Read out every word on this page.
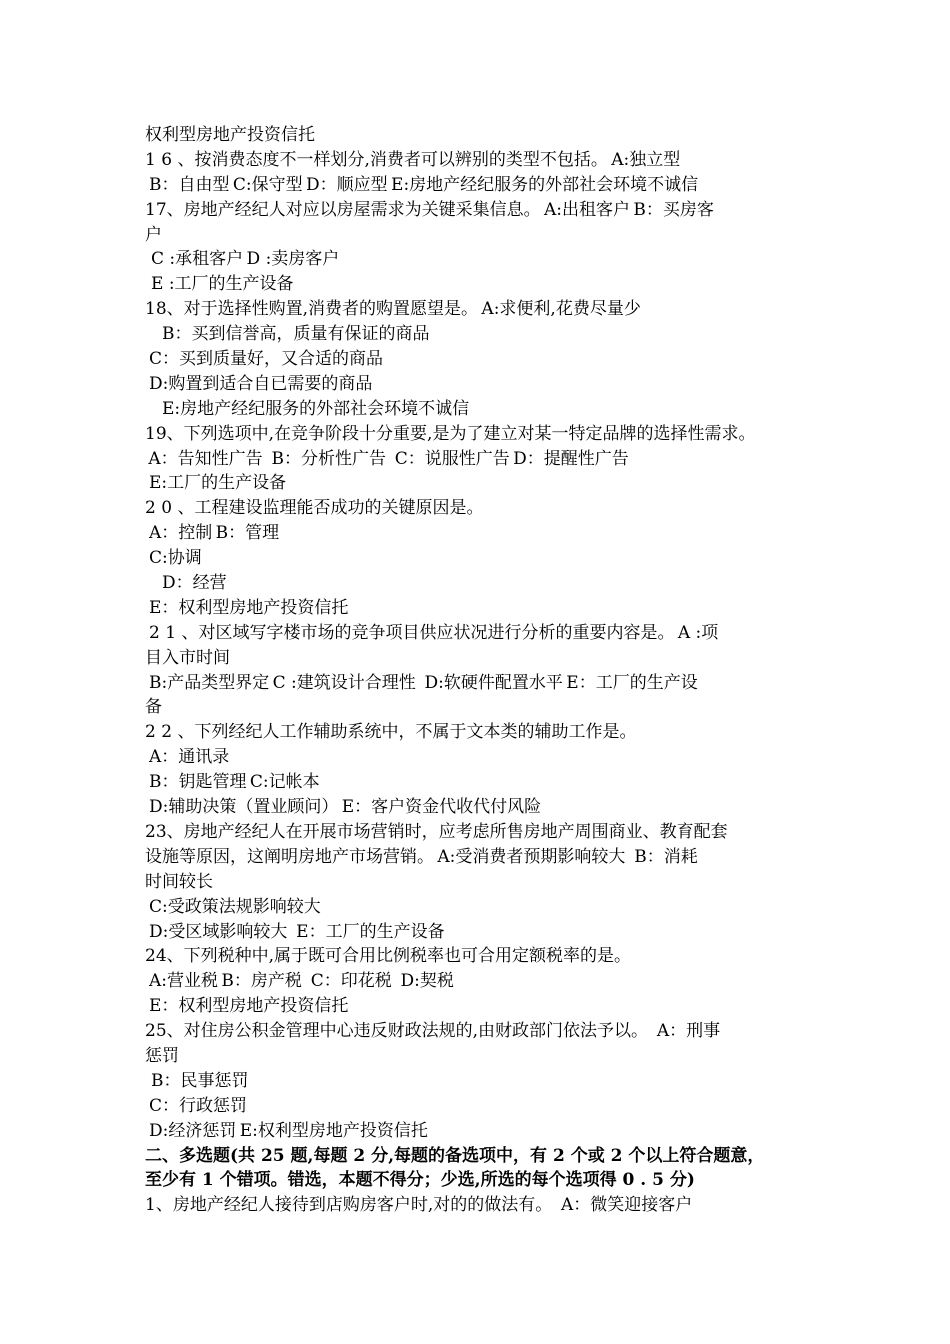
权利型房地产投资信托
1 6 、按消费态度不一样划分,消费者可以辨别的类型不包括。 A:独立型
B：自由型 C:保守型 D：顺应型 E:房地产经纪服务的外部社会环境不诚信
17、房地产经纪人对应以房屋需求为关键采集信息。 A:出租客户 B：买房客
户
C :承租客户 D :卖房客户
E :工厂的生产设备
18、对于选择性购置,消费者的购置愿望是。 A:求便利,花费尽量少
B：买到信誉高，质量有保证的商品
C：买到质量好，又合适的商品
D:购置到适合自已需要的商品
E:房地产经纪服务的外部社会环境不诚信
19、下列选项中,在竞争阶段十分重要,是为了建立对某一特定品牌的选择性需求。
 A：告知性广告  B：分析性广告  C：说服性广告 D：提醒性广告
E:工厂的生产设备
2 0 、工程建设监理能否成功的关键原因是。
A：控制 B：管理
C:协调
D：经营
E：权利型房地产投资信托
2 1 、对区域写字楼市场的竞争项目供应状况进行分析的重要内容是。 A :项
目入市时间
B:产品类型界定 C :建筑设计合理性  D:软硬件配置水平 E：工厂的生产设
备
2 2 、下列经纪人工作辅助系统中，不属于文本类的辅助工作是。
A：通讯录
B：钥匙管理 C:记帐本
D:辅助决策（置业顾问） E：客户资金代收代付风险
23、房地产经纪人在开展市场营销时，应考虑所售房地产周围商业、教育配套
设施等原因，这阐明房地产市场营销。 A:受消费者预期影响较大  B：消耗
时间较长
C:受政策法规影响较大
D:受区域影响较大  E：工厂的生产设备
24、下列税种中,属于既可合用比例税率也可合用定额税率的是。
A:营业税 B：房产税  C：印花税  D:契税
E：权利型房地产投资信托
25、对住房公积金管理中心违反财政法规的,由财政部门依法予以。  A：刑事
惩罚
B：民事惩罚
C：行政惩罚
D:经济惩罚 E:权利型房地产投资信托
二、多选题(共 25 题,每题 2 分,每题的备选项中，有 2 个或 2 个以上符合题意，
至少有 1 个错项。错选，本题不得分；少选,所选的每个选项得 0 . 5 分)
1、房地产经纪人接待到店购房客户时,对的的做法有。  A：微笑迎接客户 
